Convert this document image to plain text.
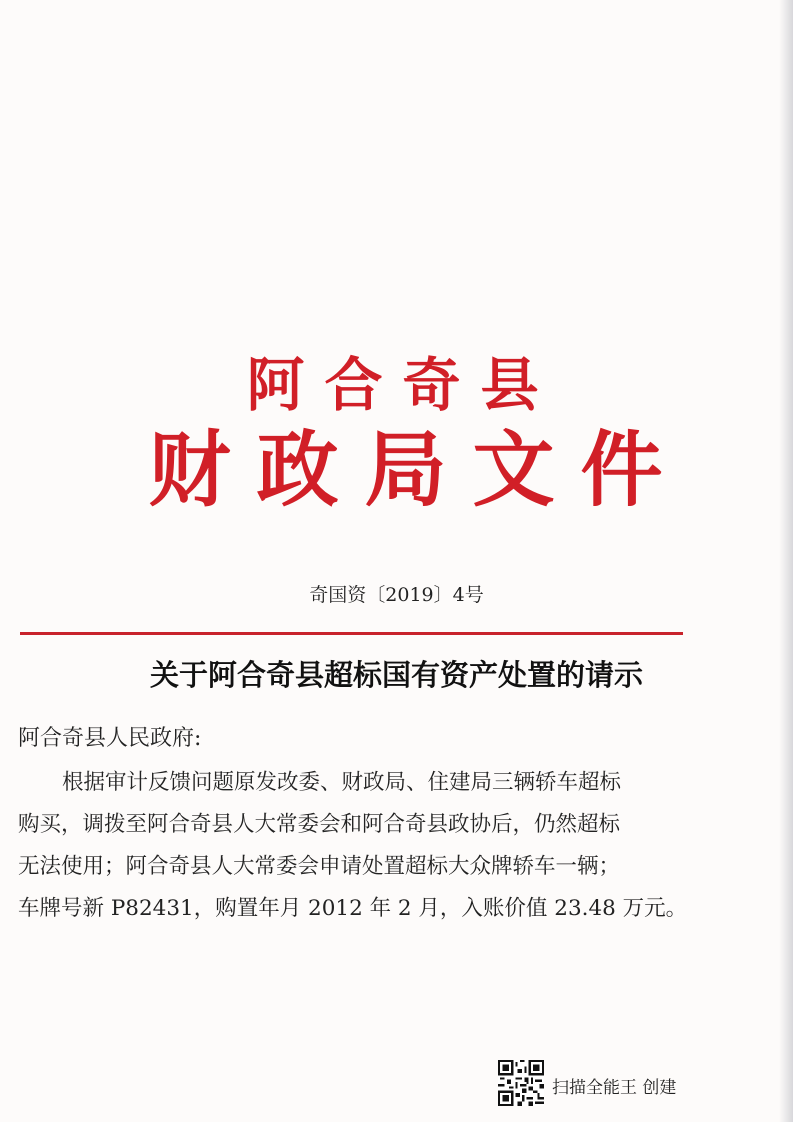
阿合奇县
财政局文件
奇国资〔2019〕4号
关于阿合奇县超标国有资产处置的请示
阿合奇县人民政府:
根据审计反馈问题原发改委、财政局、住建局三辆轿车超标
购买，调拨至阿合奇县人大常委会和阿合奇县政协后，仍然超标
无法使用；阿合奇县人大常委会申请处置超标大众牌轿车一辆；
车牌号新 P82431，购置年月 2012 年 2 月，入账价值 23.48 万元。
扫描全能王 创建
